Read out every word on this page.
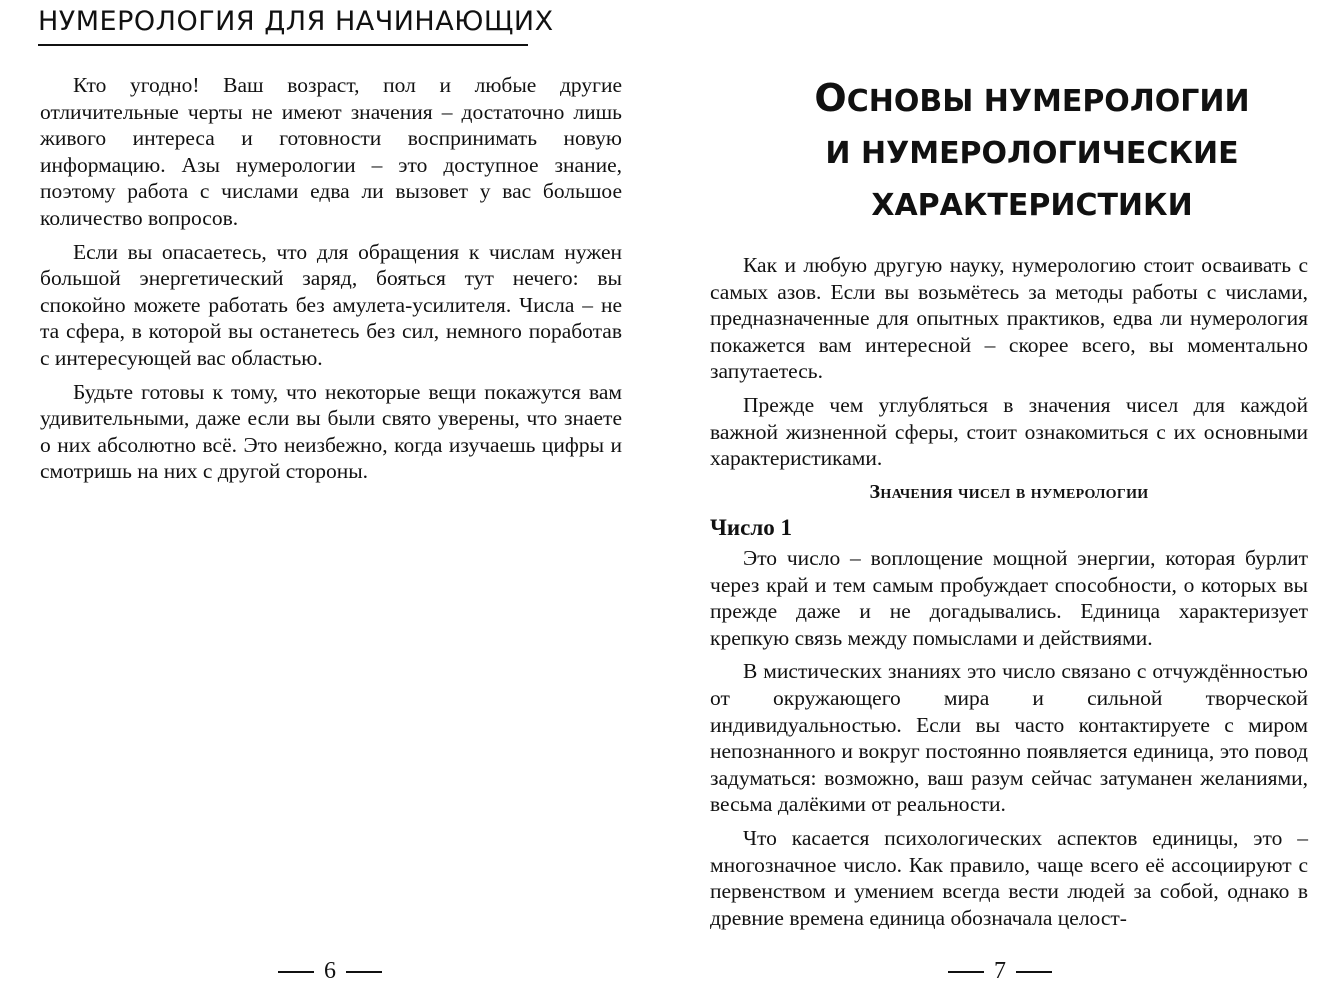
НУМЕРОЛОГИЯ ДЛЯ НАЧИНАЮЩИХ

Кто угодно! Ваш возраст, пол и любые другие отличительные черты не имеют значения – достаточно лишь живого интереса и готовности воспринимать новую информацию. Азы нумерологии – это доступное знание, поэтому работа с числами едва ли вызовет у вас большое количество вопросов.

Если вы опасаетесь, что для обращения к числам нужен большой энергетический заряд, бояться тут нечего: вы спокойно можете работать без амулета-усилителя. Числа – не та сфера, в которой вы останетесь без сил, немного поработав с интересующей вас областью.

Будьте готовы к тому, что некоторые вещи покажутся вам удивительными, даже если вы были свято уверены, что знаете о них абсолютно всё. Это неизбежно, когда изучаешь цифры и смотришь на них с другой стороны.

6
ОСНОВЫ НУМЕРОЛОГИИ
И НУМЕРОЛОГИЧЕСКИЕ
ХАРАКТЕРИСТИКИ

Как и любую другую науку, нумерологию стоит осваивать с самых азов. Если вы возьмётесь за методы работы с числами, предназначенные для опытных практиков, едва ли нумерология покажется вам интересной – скорее всего, вы моментально запутаетесь.

Прежде чем углубляться в значения чисел для каждой важной жизненной сферы, стоит ознакомиться с их основными характеристиками.

Значения чисел в нумерологии
Число 1

Это число – воплощение мощной энергии, которая бурлит через край и тем самым пробуждает способности, о которых вы прежде даже и не догадывались. Единица характеризует крепкую связь между помыслами и действиями.

В мистических знаниях это число связано с отчуждённостью от окружающего мира и сильной творческой индивидуальностью. Если вы часто контактируете с миром непознанного и вокруг постоянно появляется единица, это повод задуматься: возможно, ваш разум сейчас затуманен желаниями, весьма далёкими от реальности.

Что касается психологических аспектов единицы, это – многозначное число. Как правило, чаще всего её ассоциируют с первенством и умением всегда вести людей за собой, однако в древние времена единица обозначала целост-

7
